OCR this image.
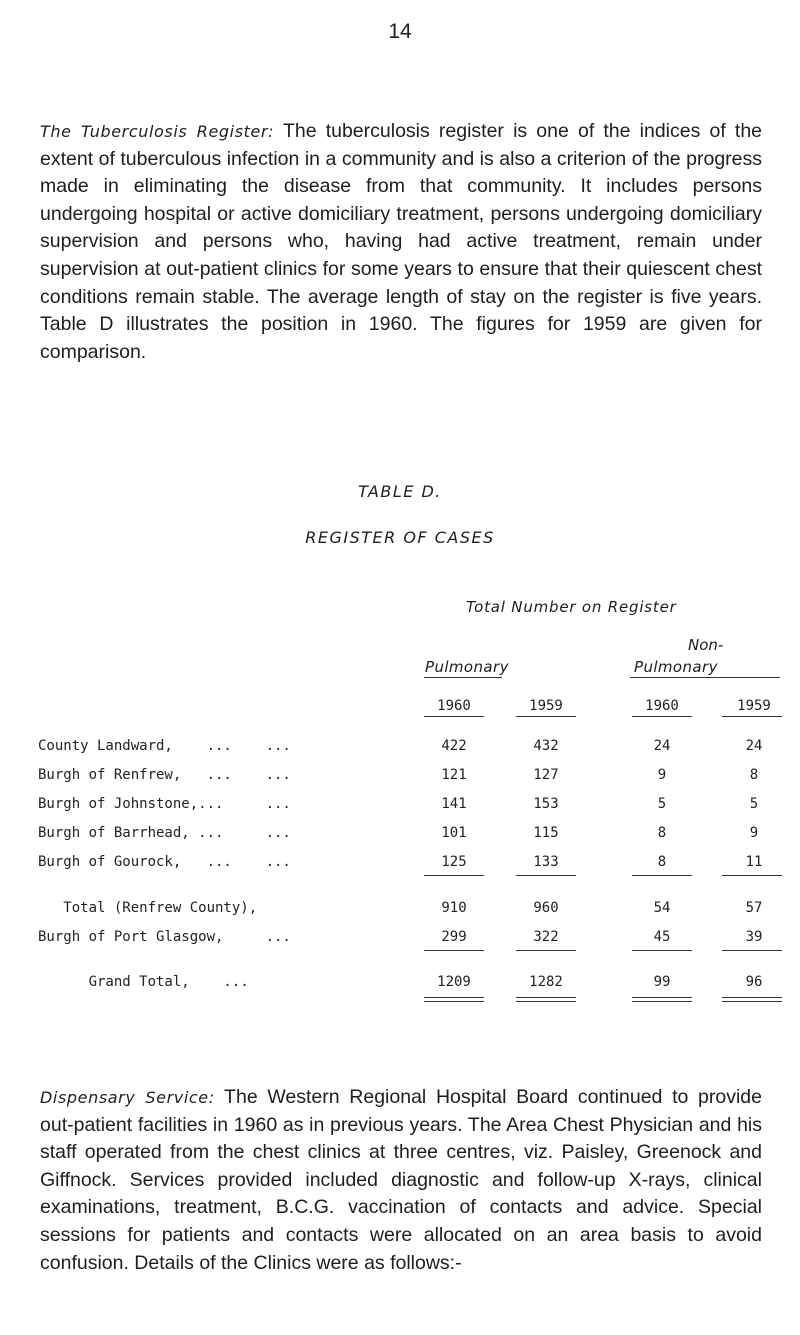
14

The Tuberculosis Register: The tuberculosis register is one of the indices of the extent of tuberculous infection in a community and is also a criterion of the progress made in eliminating the disease from that community. It includes persons undergoing hospital or active domiciliary treatment, persons undergoing domiciliary supervision and persons who, having had active treatment, remain under supervision at out-patient clinics for some years to ensure that their quiescent chest conditions remain stable. The average length of stay on the register is five years. Table D illustrates the position in 1960. The figures for 1959 are given for comparison.

TABLE D.
REGISTER OF CASES
Total Number on Register
Non-
Pulmonary	Pulmonary
1960	1959	1960	1959
County Landward,    ...    ...	422	432	24	24
Burgh of Renfrew,   ...    ...	121	127	9	8
Burgh of Johnstone,...     ...	141	153	5	5
Burgh of Barrhead, ...     ...	101	115	8	9
Burgh of Gourock,   ...    ...	125	133	8	11
Total (Renfrew County),	910	960	54	57
Burgh of Port Glasgow,     ...	299	322	45	39
Grand Total,    ...	1209	1282	99	96

Dispensary Service: The Western Regional Hospital Board continued to provide out-patient facilities in 1960 as in previous years. The Area Chest Physician and his staff operated from the chest clinics at three centres, viz. Paisley, Greenock and Giffnock. Services provided included diagnostic and follow-up X-rays, clinical examinations, treatment, B.C.G. vaccination of contacts and advice. Special sessions for patients and contacts were allocated on an area basis to avoid confusion. Details of the Clinics were as follows:-
